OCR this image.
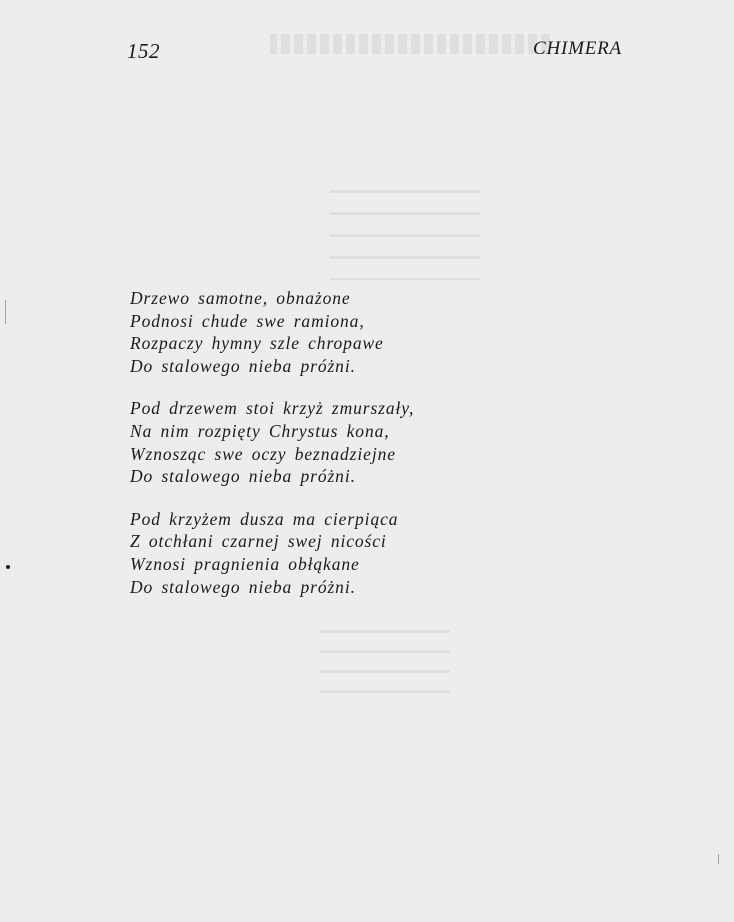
152	CHIMERA
Drzewo samotne, obnażone
Podnosi chude swe ramiona,
Rozpaczy hymny szle chropawe
Do stalowego nieba próżni.
Pod drzewem stoi krzyż zmurszały,
Na nim rozpięty Chrystus kona,
Wznosząc swe oczy beznadziejne
Do stalowego nieba próżni.
Pod krzyżem dusza ma cierpiąca
Z otchłani czarnej swej nicości
Wznosi pragnienia obłąkane
Do stalowego nieba próżni.
